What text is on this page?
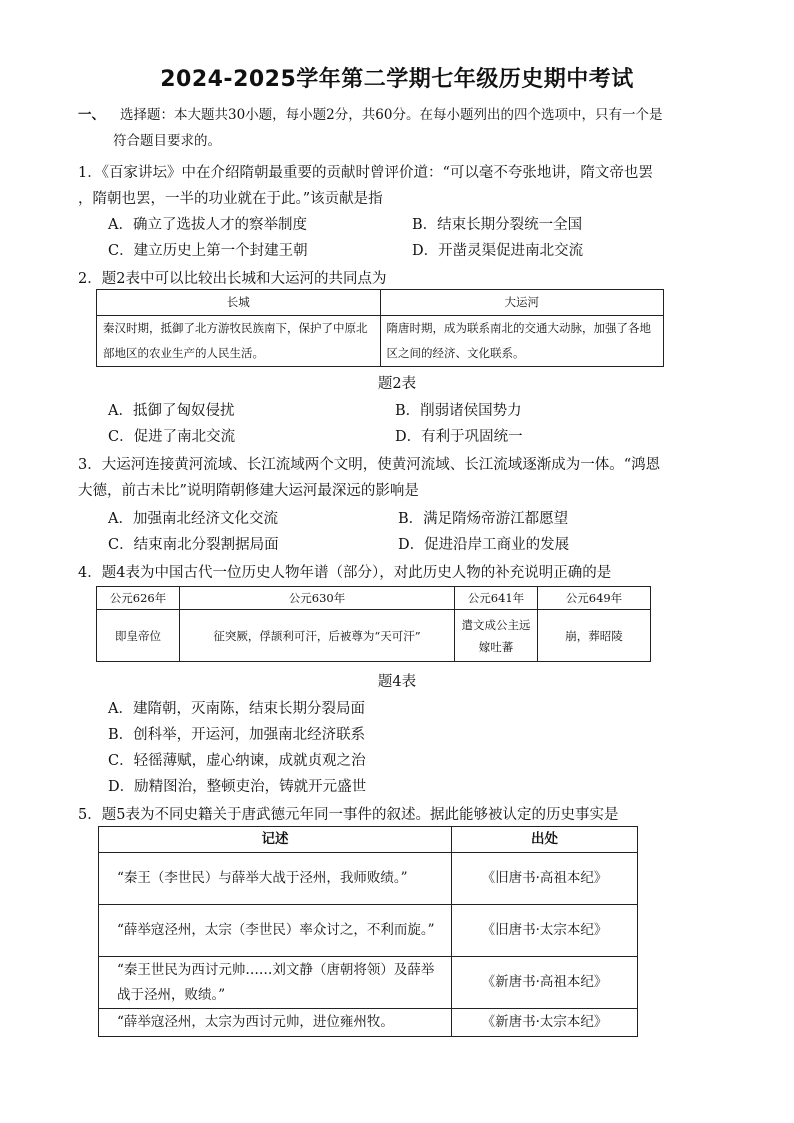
2024-2025学年第二学期七年级历史期中考试
一、 选择题：本大题共30小题，每小题2分，共60分。在每小题列出的四个选项中，只有一个是
符合题目要求的。
1．《百家讲坛》中在介绍隋朝最重要的贡献时曾评价道：“可以毫不夸张地讲，隋文帝也罢
，隋朝也罢，一半的功业就在于此。”该贡献是指
A．确立了选拔人才的察举制度	B．结束长期分裂统一全国
C．建立历史上第一个封建王朝	D．开凿灵渠促进南北交流
2．题2表中可以比较出长城和大运河的共同点为
长城	大运河
秦汉时期，抵御了北方游牧民族南下，保护了中原北部地区的农业生产的人民生活。	隋唐时期，成为联系南北的交通大动脉，加强了各地区之间的经济、文化联系。
题2表
A．抵御了匈奴侵扰	B．削弱诸侯国势力
C．促进了南北交流	D．有利于巩固统一
3．大运河连接黄河流域、长江流域两个文明，使黄河流域、长江流域逐渐成为一体。“鸿恩
大德，前古未比”说明隋朝修建大运河最深远的影响是
A．加强南北经济文化交流	B．满足隋炀帝游江都愿望
C．结束南北分裂割据局面	D．促进沿岸工商业的发展
4．题4表为中国古代一位历史人物年谱（部分），对此历史人物的补充说明正确的是
公元626年	公元630年	公元641年	公元649年
即皇帝位	征突厥，俘颉利可汗，后被尊为“天可汗”	遣文成公主远嫁吐蕃	崩，葬昭陵
题4表
A．建隋朝，灭南陈，结束长期分裂局面
B．创科举，开运河，加强南北经济联系
C．轻徭薄赋，虚心纳谏，成就贞观之治
D．励精图治，整顿吏治，铸就开元盛世
5．题5表为不同史籍关于唐武德元年同一事件的叙述。据此能够被认定的历史事实是
记述	出处
“秦王（李世民）与薛举大战于泾州，我师败绩。”	《旧唐书·高祖本纪》
“薛举寇泾州，太宗（李世民）率众讨之，不利而旋。”	《旧唐书·太宗本纪》
“秦王世民为西讨元帅……刘文静（唐朝将领）及薛举战于泾州，败绩。”	《新唐书·高祖本纪》
“薛举寇泾州，太宗为西讨元帅，进位雍州牧。	《新唐书·太宗本纪》
